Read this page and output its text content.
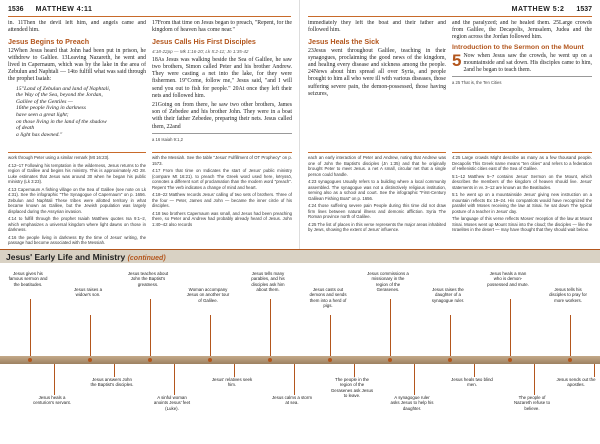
1536 MATTHEW 4:11

in. 11Then the devil left him, and angels came and attended him.

Jesus Begins to Preach

12When Jesus heard that John had been put in prison, he withdrew to Galilee. 13Leaving Nazareth, he went and lived in Capernaum, which was by the lake in the area of Zebulun and Naphtali — 14to fulfill what was said through the prophet Isaiah:

15"Land of Zebulun and land of Naphtali,
the Way of the Sea, beyond the Jordan,
Galilee of the Gentiles —
16the people living in darkness
have seen a great light;
on those living in the land of the shadow
of death
a light has dawned."

17From that time on Jesus began to preach, "Repent, for the kingdom of heaven has come near."

Jesus Calls His First Disciples
4:18-22pp — Mk 1:16-20; Lk 5:2-11; Jn 1:35-42

18As Jesus was walking beside the Sea of Galilee, he saw two brothers, Simon called Peter and his brother Andrew. They were casting a net into the lake, for they were fishermen. 19"Come, follow me," Jesus said, "and I will send you out to fish for people." 20At once they left their nets and followed him.

21Going on from there, he saw two other brothers, James son of Zebedee and his brother John. They were in a boat with their father Zebedee, preparing their nets. Jesus called them, 22and

a 16 Isaiah 9:1,2
work through Peter using a similar remark (Mt 16:23).
4:12–17 Following his temptation in the wilderness, Jesus returns to the region of Galilee and begins his ministry. This is approximately AD 28. Luke estimates that Jesus was around 30 when he began his public ministry (Lk 3:23).
4:13 Capernaum A fishing village on the Sea of Galilee (see note on Lk 4:31). See the infographic "The Synagogue of Capernaum" on p. 1656. Zebulun and Naphtali These tribes were allotted territory in what became known as Galilee, but the Jewish population was largely displaced during the Assyrian invasion.
4:14 to fulfill through the prophet Isaiah Matthew quotes Isa 9:1–2, which emphasizes a universal kingdom where light dawns on those in darkness.
4:16 the people living in darkness By the time of Jesus' writing, the passage had become associated with the Messiah.
with the Messiah. See the table "Jesus' Fulfillment of OT Prophecy" on p. 1573.
4:17 From that time on Indicates the start of Jesus' public ministry (compare Mt 16:21). to preach The Greek word used here, kēryssō, connotes a different sort of proclamation than the modern word "preach". Repent The verb indicates a change of mind and heart.
4:18–22 Matthew records Jesus' calling of two sets of brothers. Three of the four — Peter, James and John — became the inner circle of his disciples.
4:18 two brothers Capernaum was small, and Jesus had been preaching there, so Peter and Andrew had probably already heard of Jesus. John 1:40–42 also records
MATTHEW 5:2 1537

immediately they left the boat and their father and followed him.

Jesus Heals the Sick

23Jesus went throughout Galilee, teaching in their synagogues, proclaiming the good news of the kingdom, and healing every disease and sickness among the people. 24News about him spread all over Syria, and people brought to him all who were ill with various diseases, those suffering severe pain, the demon-possessed, those having seizures,

and the paralyzed; and he healed them. 25Large crowds from Galilee, the Decapolis, Jerusalem, Judea and the region across the Jordan followed him.

Introduction to the Sermon on the Mount

5 Now when Jesus saw the crowds, he went up on a mountainside and sat down. His disciples came to him, 2and he began to teach them.

a 25 That is, the Ten Cities
each an early interaction of Peter and Andrew, noting that Andrew was one of John the Baptist's disciples (Jn 1:35) and that he originally brought Peter to meet Jesus. a net A small, circular net that a single person could handle.
4:23 synagogues Usually refers to a building where a local community assembled. The synagogue was not a distinctively religious institution, serving also as a school and court. See the infographic "First-Century Galilean Fishing Boat" on p. 1656.
4:24 those suffering severe pain People during this time did not draw firm lines between natural illness and demonic affliction. Syria The Roman province north of Galilee.
4:25 The list of places in this verse represents the major areas inhabited by Jews, showing the extent of Jesus' influence.
4:25 Large crowds Might describe as many as a few thousand people. Decapolis This Greek name means "ten cities" and refers to a federation of Hellenistic cities east of the Sea of Galilee.
5:1–12 Matthew 5–7 contains Jesus' Sermon on the Mount, which describes the members of the kingdom of heaven should live. Jesus' statements in vv. 3–12 are known as the Beatitudes.
5:1 he went up on a mountainside Jesus' giving new instruction on a mountain reflects Ex 19–24. His compatriots would have recognized the parallel with Moses receiving the law at Sinai. he sat down The typical posture of a teacher in Jesus' day.
The language of this verse reflects Moses' reception of the law at Mount Sinai. Moses went up Mount Sinai into the cloud; the disciples — like the Israelites in the desert — may have thought that they should wait below.
Jesus' Early Life and Ministry (continued)
Jesus gives his famous sermon and the beatitudes.
Jesus heals a centurion's servant.
Jesus raises a widow's son.
Jesus answers John the Baptist's disciples.
Jesus teaches about John the Baptist's greatness.
A sinful woman anoints Jesus' feet (Luke).
Woman accompany Jesus on another tour of Galilee.
Jesus' relatives seek him.
Jesus tells many parables, and his disciples ask him about them.
Jesus calms a storm at sea.
Jesus casts out demons and sends them into a herd of pigs.
The people in the region of the Gerasenes ask Jesus to leave.
Jesus commissions a missionary in the region of the Gerasenes.
A synagogue ruler asks Jesus to help his daughter.
Jesus raises the daughter of a synagogue ruler.
Jesus heals two blind men.
Jesus heals a man who is demon-possessed and mute.
The people of Nazareth refuse to believe.
Jesus tells his disciples to pray for more workers.
Jesus sends out the apostles.
